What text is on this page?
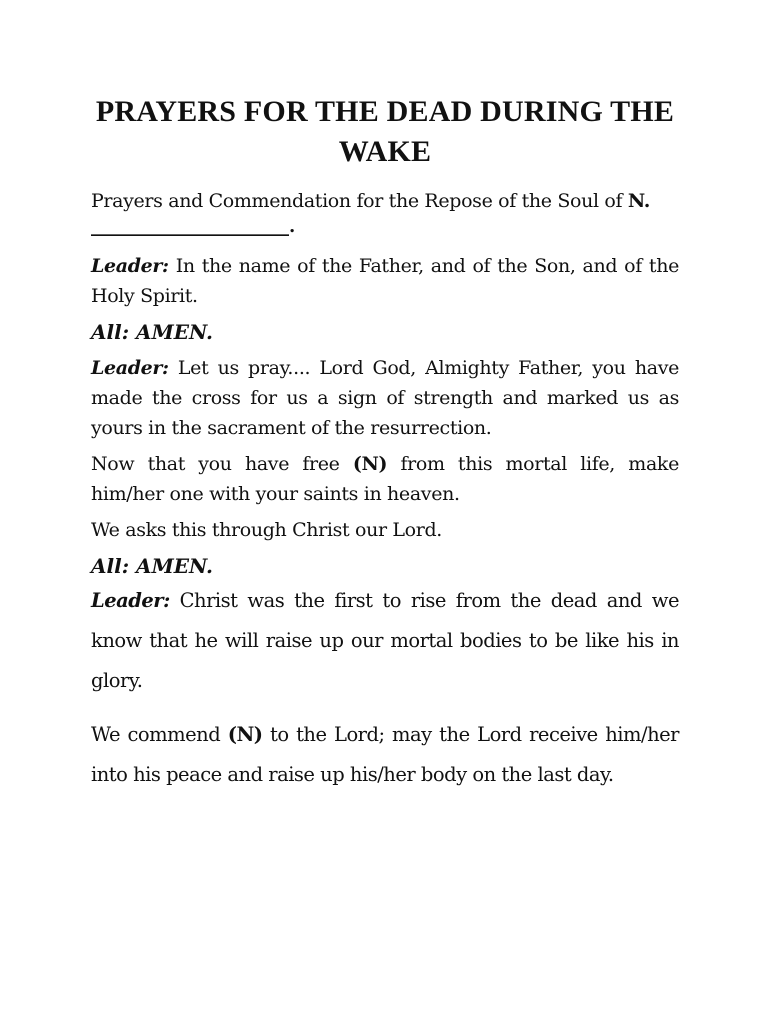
PRAYERS FOR THE DEAD DURING THE WAKE

Prayers and Commendation for the Repose of the Soul of N.

______________________.

Leader: In the name of the Father, and of the Son, and of the Holy Spirit.

All: AMEN.

Leader: Let us pray.... Lord God, Almighty Father, you have made the cross for us a sign of strength and marked us as yours in the sacrament of the resurrection.

Now that you have free (N) from this mortal life, make him/her one with your saints in heaven.

We asks this through Christ our Lord.

All: AMEN.

Leader: Christ was the first to rise from the dead and we know that he will raise up our mortal bodies to be like his in glory.

We commend (N) to the Lord; may the Lord receive him/her into his peace and raise up his/her body on the last day.
